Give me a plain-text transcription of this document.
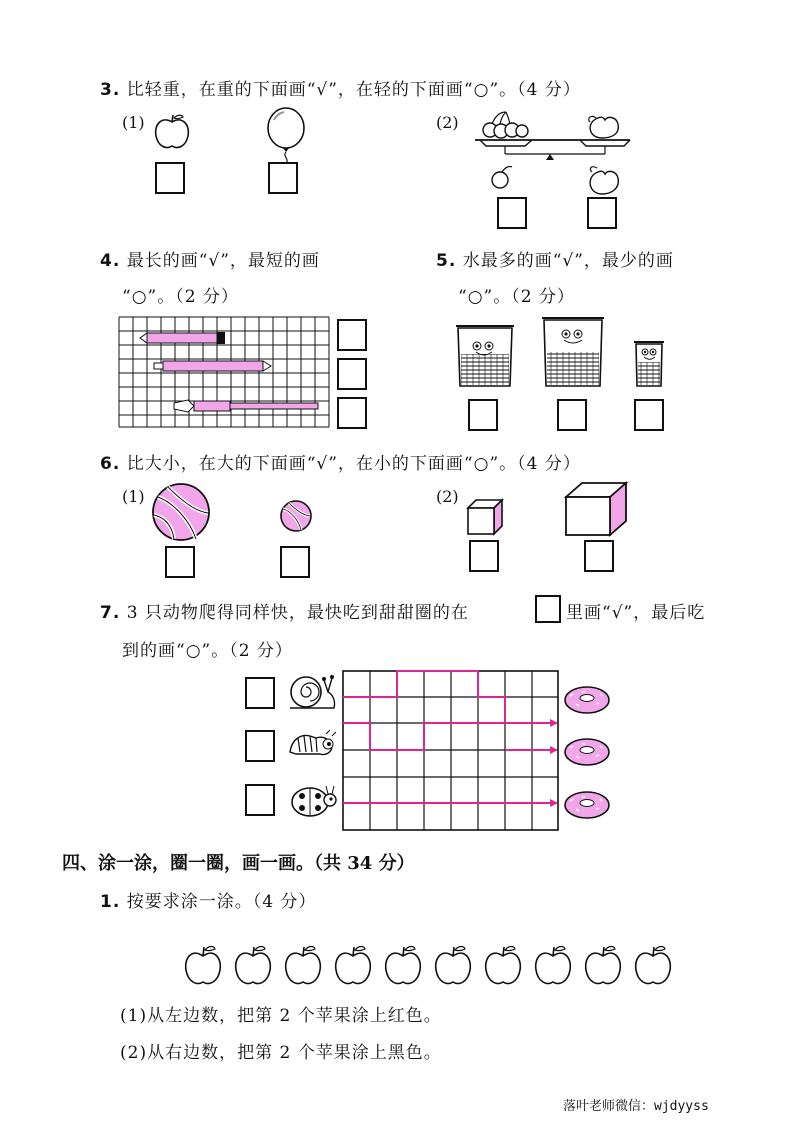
3. 比轻重，在重的下面画“√”，在轻的下面画“○”。（4 分）
(1)	(2)
4. 最长的画“√”，最短的画
“○”。（2 分）
5. 水最多的画“√”，最少的画
“○”。（2 分）
6. 比大小，在大的下面画“√”，在小的下面画“○”。（4 分）
(1)	(2)
7. 3 只动物爬得同样快，最快吃到甜甜圈的在	里画“√”，最后吃
到的画“○”。（2 分）
四、涂一涂，圈一圈，画一画。（共 34 分）
1. 按要求涂一涂。（4 分）
(1)从左边数，把第 2 个苹果涂上红色。
(2)从右边数，把第 2 个苹果涂上黑色。
落叶老师微信：wjdyyss
